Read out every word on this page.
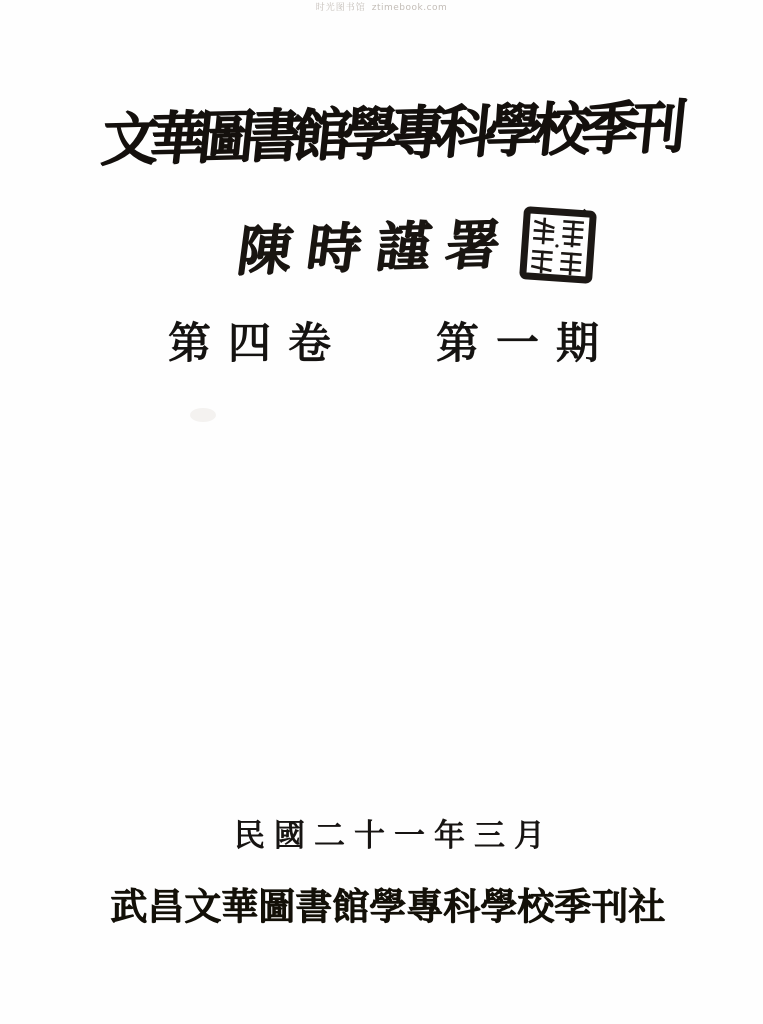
时光图书馆 ztimebook.com
文華圖書館學專科學校季刊
陳時謹署
第四卷 第一期
民國二十一年三月
武昌文華圖書館學專科學校季刊社
